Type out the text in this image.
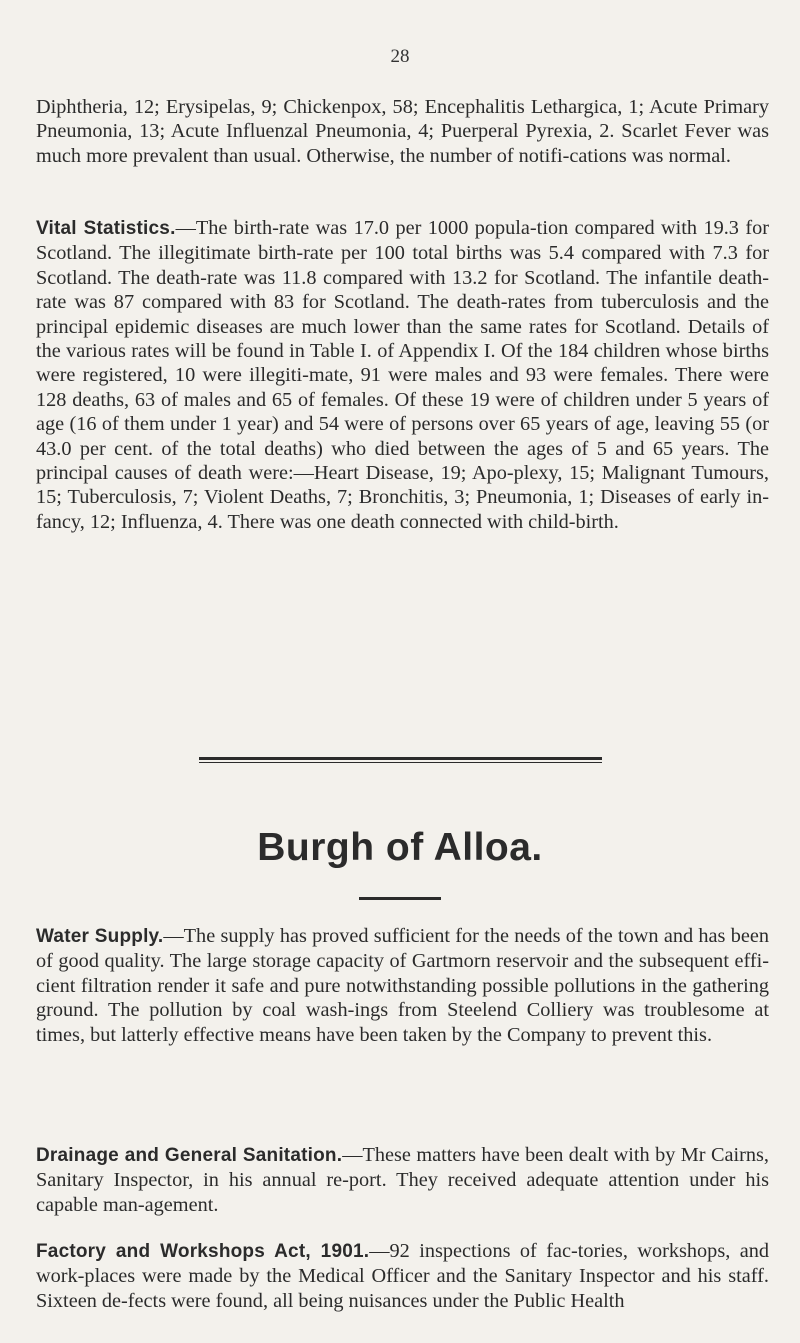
28

Diphtheria, 12; Erysipelas, 9; Chickenpox, 58; Encephalitis Lethargica, 1; Acute Primary Pneumonia, 13; Acute Influenzal Pneumonia, 4; Puerperal Pyrexia, 2. Scarlet Fever was much more prevalent than usual. Otherwise, the number of notifi-cations was normal.

Vital Statistics.—The birth-rate was 17.0 per 1000 popula-tion compared with 19.3 for Scotland. The illegitimate birth-rate per 100 total births was 5.4 compared with 7.3 for Scotland. The death-rate was 11.8 compared with 13.2 for Scotland. The infantile death-rate was 87 compared with 83 for Scotland. The death-rates from tuberculosis and the principal epidemic diseases are much lower than the same rates for Scotland. Details of the various rates will be found in Table I. of Appendix I. Of the 184 children whose births were registered, 10 were illegiti-mate, 91 were males and 93 were females. There were 128 deaths, 63 of males and 65 of females. Of these 19 were of children under 5 years of age (16 of them under 1 year) and 54 were of persons over 65 years of age, leaving 55 (or 43.0 per cent. of the total deaths) who died between the ages of 5 and 65 years. The principal causes of death were:—Heart Disease, 19; Apo-plexy, 15; Malignant Tumours, 15; Tuberculosis, 7; Violent Deaths, 7; Bronchitis, 3; Pneumonia, 1; Diseases of early in-fancy, 12; Influenza, 4. There was one death connected with child-birth.

Burgh of Alloa.

Water Supply.—The supply has proved sufficient for the needs of the town and has been of good quality. The large storage capacity of Gartmorn reservoir and the subsequent effi-cient filtration render it safe and pure notwithstanding possible pollutions in the gathering ground. The pollution by coal wash-ings from Steelend Colliery was troublesome at times, but latterly effective means have been taken by the Company to prevent this.

Drainage and General Sanitation.—These matters have been dealt with by Mr Cairns, Sanitary Inspector, in his annual re-port. They received adequate attention under his capable man-agement.

Factory and Workshops Act, 1901.—92 inspections of fac-tories, workshops, and work-places were made by the Medical Officer and the Sanitary Inspector and his staff. Sixteen de-fects were found, all being nuisances under the Public Health
